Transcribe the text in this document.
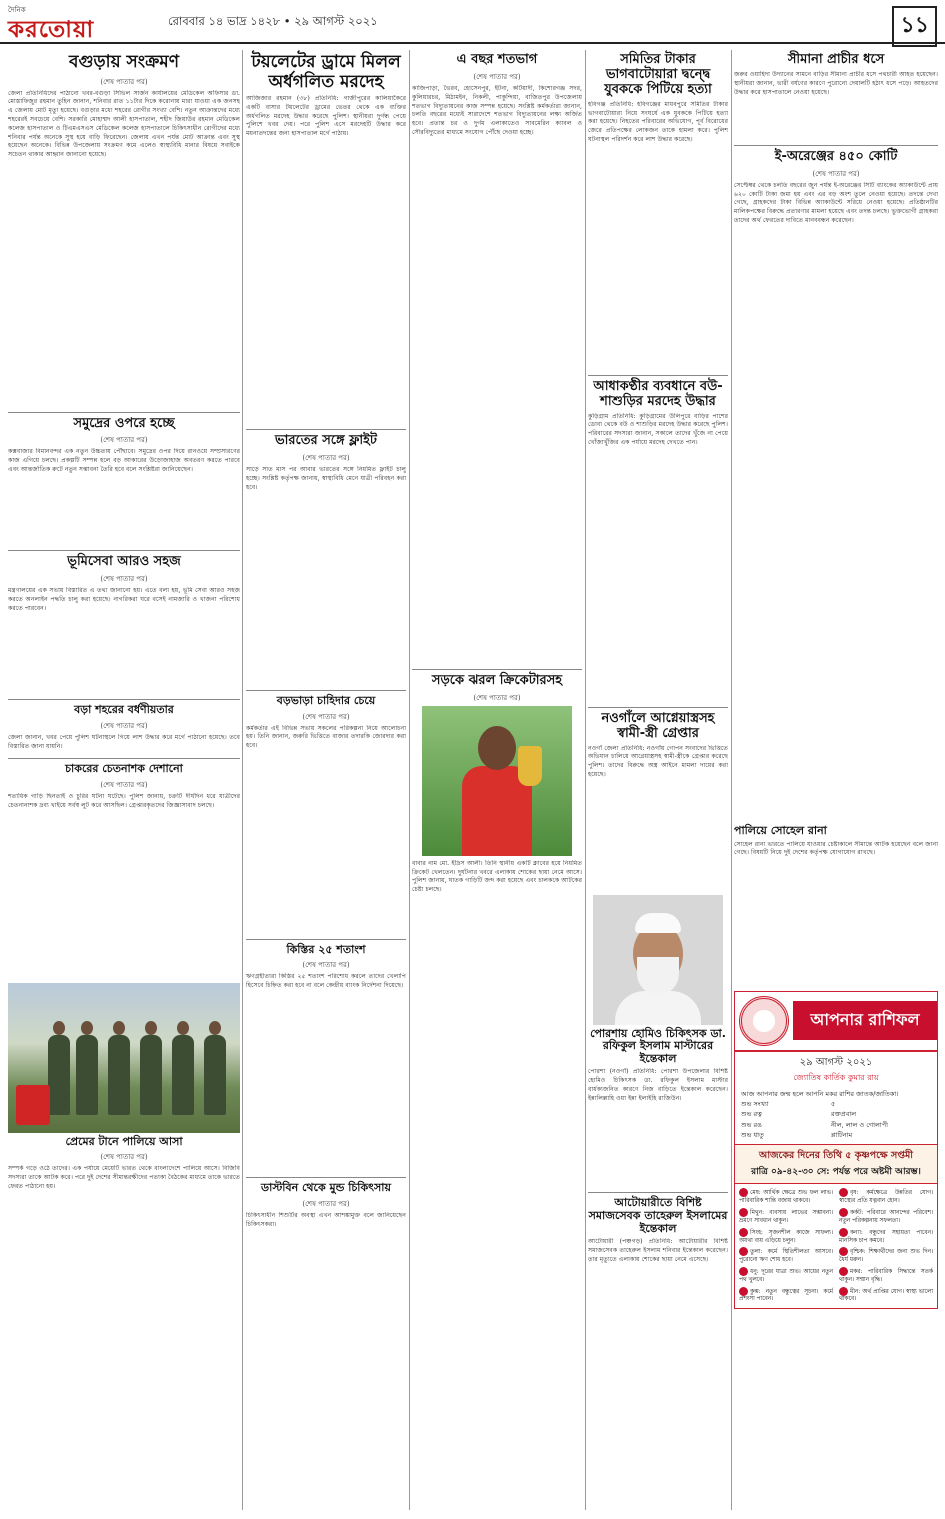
দৈনিক
করতোয়া	রোববার ১৪ ভাদ্র ১৪২৮ • ২৯ আগস্ট ২০২১	১১
বগুড়ায় সংক্রমণ
(শেষ পাতার পর)
জেলা প্রতিনিধিদের পাঠানো খবর-বগুড়া সিভিল সার্জন কার্যালয়ের মেডিকেল অফিসার ডা. মোস্তাফিজুর রহমান তুহিন জানান, শনিবার রাত ১১টার দিকে করোনায় মারা যাওয়া এক জনসহ এ জেলায় মোট মৃত্যু হয়েছে। বগুড়ার মধ্যে শহরের রোগীর সংখ্যা বেশি। নতুন আক্রান্তদের মধ্যে শহরেরই সবচেয়ে বেশি। সরকারি মোহাম্মদ আলী হাসপাতাল, শহীদ জিয়াউর রহমান মেডিকেল কলেজ হাসপাতাল ও টিএমএসএস মেডিকেল কলেজ হাসপাতালে চিকিৎসাধীন রোগীদের মধ্যে শনিবার পর্যন্ত অনেকে সুস্থ হয়ে বাড়ি ফিরেছেন। জেলায় এখন পর্যন্ত মোট আক্রান্ত এবং সুস্থ হয়েছেন অনেকে। বিভিন্ন উপজেলায় সংক্রমণ কমে এলেও স্বাস্থ্যবিধি মানার বিষয়ে সবাইকে সচেতন থাকার আহ্বান জানানো হয়েছে।
সমুদ্রের ওপরে হচ্ছে
(শেষ পাতার পর)
কক্সবাজার বিমানবন্দর এক নতুন উচ্চতায় পৌঁছাবে। সমুদ্রের ওপর দিয়ে রানওয়ে সম্প্রসারণের কাজ এগিয়ে চলছে। প্রকল্পটি সম্পন্ন হলে বড় আকারের উড়োজাহাজ অবতরণ করতে পারবে এবং আন্তর্জাতিক রুটে নতুন সম্ভাবনা তৈরি হবে বলে সংশ্লিষ্টরা জানিয়েছেন।
ভূমিসেবা আরও সহজ
(শেষ পাতার পর)
মন্ত্রণালয়ের এক সভায় বিস্তারিত এ তথ্য জানানো হয়। এতে বলা হয়, ভূমি সেবা আরও সহজ করতে অনলাইন পদ্ধতি চালু করা হয়েছে। নাগরিকরা ঘরে বসেই নামজারি ও খাজনা পরিশোধ করতে পারবেন।
বড়া শহরের বর্ধণীয়তার
(শেষ পাতার পর)
জেলা জানান, খবর পেয়ে পুলিশ ঘটনাস্থলে গিয়ে লাশ উদ্ধার করে মর্গে পাঠানো হয়েছে। তবে বিস্তারিত জানা যায়নি।
চাকরের চেতনাশক দেশানো
(শেষ পাতার পর)
শতাধিক গাড়ি ছিনতাই ও চুরির ঘটনা ঘটেছে। পুলিশ জানায়, চক্রটি দীর্ঘদিন ধরে যাত্রীদের চেতনানাশক দ্রব্য খাইয়ে সর্বস্ব লুট করে আসছিল। গ্রেপ্তারকৃতদের জিজ্ঞাসাবাদ চলছে।
প্রেমের টানে পালিয়ে আসা
(শেষ পাতার পর)
সম্পর্ক গড়ে ওঠে তাদের। এক পর্যায়ে মেয়েটি ভারত থেকে বাংলাদেশে পালিয়ে আসে। বিজিবি সদস্যরা তাকে আটক করে। পরে দুই দেশের সীমান্তরক্ষীদের পতাকা বৈঠকের মাধ্যমে তাকে ভারতে ফেরত পাঠানো হয়।
টয়লেটের ড্রামে মিলল অর্ধগলিত মরদেহ
আজিজার রহমান (৩৮) প্রতিনিধি: গাজীপুরের কালিয়াকৈরে একটি বাসার টয়লেটের ড্রামের ভেতর থেকে এক ব্যক্তির অর্ধগলিত মরদেহ উদ্ধার করেছে পুলিশ। স্থানীয়রা দুর্গন্ধ পেয়ে পুলিশে খবর দেয়। পরে পুলিশ এসে মরদেহটি উদ্ধার করে ময়নাতদন্তের জন্য হাসপাতাল মর্গে পাঠায়।
ভারতের সঙ্গে ফ্লাইট
(শেষ পাতার পর)
সাড়ে সাত মাস পর আবার ভারতের সঙ্গে নিয়মিত ফ্লাইট চালু হচ্ছে। সংশ্লিষ্ট কর্তৃপক্ষ জানায়, স্বাস্থ্যবিধি মেনে যাত্রী পরিবহন করা হবে।
বড়ভাড়া চাহিদার চেয়ে
(শেষ পাতার পর)
কর্মকর্তার এই বিভিন্ন সভায় সকলের পরিকল্পনা নিয়ে আলোচনা হয়। তিনি জানান, জরুরি ভিত্তিতে বাজার তদারকি জোরদার করা হবে।
কিস্তির ২৫ শতাংশ
(শেষ পাতার পর)
ঋণগ্রহীতারা কিস্তির ২৫ শতাংশ পরিশোধ করলে তাদের খেলাপি হিসেবে চিহ্নিত করা হবে না বলে কেন্দ্রীয় ব্যাংক নির্দেশনা দিয়েছে।
ডাস্টবিন থেকে মুন্ড চিকিৎসায়
(শেষ পাতার পর)
চিকিৎসাধীন শিশুটির অবস্থা এখন আশঙ্কামুক্ত বলে জানিয়েছেন চিকিৎসকরা।
এ বছর শতভাগ
(শেষ পাতার পর)
কাজিপাড়া, ভৈরব, হোসেনপুর, ইটনা, কটিয়াদী, কিশোরগঞ্জ সদর, কুলিয়ারচর, মিঠামইন, নিকলী, পাকুন্দিয়া, বাজিতপুর উপজেলায় শতভাগ বিদ্যুতায়নের কাজ সম্পন্ন হয়েছে। সংশ্লিষ্ট কর্মকর্তারা জানান, চলতি বছরের মধ্যেই সারাদেশে শতভাগ বিদ্যুতায়নের লক্ষ্য অর্জিত হবে। প্রত্যন্ত চর ও দুর্গম এলাকাতেও সাবমেরিন ক্যাবল ও সৌরবিদ্যুতের মাধ্যমে সংযোগ পৌঁছে দেওয়া হচ্ছে।
সড়কে ঝরল ক্রিকেটারসহ
(শেষ পাতার পর)
বাবার নাম মো. ইদ্রিস আলী। তিনি স্থানীয় একটি ক্লাবের হয়ে নিয়মিত ক্রিকেট খেলতেন। দুর্ঘটনার খবরে এলাকায় শোকের ছায়া নেমে আসে। পুলিশ জানায়, ঘাতক গাড়িটি জব্দ করা হয়েছে এবং চালককে আটকের চেষ্টা চলছে।
সমিতির টাকার ভাগবাটোয়ারা দ্বন্দ্বে যুবককে পিটিয়ে হত্যা
হবিগঞ্জ প্রতিনিধি: হবিগঞ্জের মাধবপুরে সমিতির টাকার ভাগবাটোয়ারা নিয়ে সংঘর্ষে এক যুবককে পিটিয়ে হত্যা করা হয়েছে। নিহতের পরিবারের অভিযোগ, পূর্ব বিরোধের জেরে প্রতিপক্ষের লোকজন তাকে হামলা করে। পুলিশ ঘটনাস্থল পরিদর্শন করে লাশ উদ্ধার করেছে।
আধাকণ্ঠীর ব্যবধানে বউ-শাশুড়ির মরদেহ উদ্ধার
কুড়িগ্রাম প্রতিনিধি: কুড়িগ্রামের উলিপুরে বাড়ির পাশের ডোবা থেকে বউ ও শাশুড়ির মরদেহ উদ্ধার করেছে পুলিশ। পরিবারের সদস্যরা জানান, সকালে তাদের খুঁজে না পেয়ে খোঁজাখুঁজির এক পর্যায়ে মরদেহ দেখতে পান।
নওগাঁলে আগ্নেয়াস্ত্রসহ স্বামী-স্ত্রী গ্রেপ্তার
নওগাঁ জেলা প্রতিনিধি: নওগাঁয় গোপন সংবাদের ভিত্তিতে অভিযান চালিয়ে আগ্নেয়াস্ত্রসহ স্বামী-স্ত্রীকে গ্রেপ্তার করেছে পুলিশ। তাদের বিরুদ্ধে অস্ত্র আইনে মামলা দায়ের করা হয়েছে।
পোরশায় হোমিও চিকিৎসক ডা. রফিকুল ইসলাম মাস্টারের ইন্তেকাল
পোরশা (নওগাঁ) প্রতিনিধি: পোরশা উপজেলার বিশিষ্ট হোমিও চিকিৎসক ডা. রফিকুল ইসলাম মাস্টার বার্ধক্যজনিত কারণে নিজ বাড়িতে ইন্তেকাল করেছেন। ইন্নালিল্লাহি ওয়া ইন্না ইলাইহি রাজিউন।
আটোয়ারীতে বিশিষ্ট সমাজসেবক তাহেরুল ইসলামের ইন্তেকাল
আটোয়ারী (পঞ্চগড়) প্রতিনিধি: আটোয়ারীর বিশিষ্ট সমাজসেবক তাহেরুল ইসলাম শনিবার ইন্তেকাল করেছেন। তার মৃত্যুতে এলাকায় শোকের ছায়া নেমে এসেছে।
সীমানা প্রাচীর ধসে
জরুর ওয়াহিদা উদ্যানের সামনে বাড়ির সীমানা প্রাচীর ধসে পথচারী আহত হয়েছেন। স্থানীয়রা জানান, ভারী বর্ষণের কারণে পুরোনো দেয়ালটি হঠাৎ ধসে পড়ে। আহতদের উদ্ধার করে হাসপাতালে নেওয়া হয়েছে।
ই-অরেঞ্জের ৪৫০ কোটি
(শেষ পাতার পর)
সেপ্টেম্বর থেকে চলতি বছরের জুন পর্যন্ত ই-অরেঞ্জের সিটি ব্যাংকের অ্যাকাউন্টে প্রায় ৬২০ কোটি টাকা জমা হয় এবং এর বড় অংশ তুলে নেওয়া হয়েছে। তদন্তে দেখা গেছে, গ্রাহকদের টাকা বিভিন্ন অ্যাকাউন্টে সরিয়ে নেওয়া হয়েছে। প্রতিষ্ঠানটির মালিকপক্ষের বিরুদ্ধে প্রতারণার মামলা হয়েছে এবং তদন্ত চলছে। ভুক্তভোগী গ্রাহকরা তাদের অর্থ ফেরতের দাবিতে মানববন্ধন করেছেন।
পালিয়ে সোহেল রানা
সোহেল রানা ভারতে পালিয়ে যাওয়ার চেষ্টাকালে সীমান্তে আটক হয়েছেন বলে জানা গেছে। বিষয়টি নিয়ে দুই দেশের কর্তৃপক্ষ যোগাযোগ রাখছে।
আপনার রাশিফল
২৯ আগস্ট ২০২১
জ্যোতিষ কার্তিক কুমার রায়
আজ আপনার জন্ম হলে আপনি মকর রাশির জাতক/জাতিকা।
শুভ সংখ্যা	৫
শুভ রত্ন	রক্তপ্রবাল
শুভ রঙ	নীল, লাল ও গোলাপী
শুভ ধাতু	প্লাটিনাম
আজকের দিনের তিথি ৫ কৃষ্ণপক্ষে সপ্তমী
রাত্রি ০৯-৪২-৩০ সে: পর্যন্ত পরে অষ্টমী আরম্ভ।
মেষ: আর্থিক ক্ষেত্রে শুভ ফল লাভ। পারিবারিক শান্তি বজায় থাকবে।
বৃষ: কর্মক্ষেত্রে উন্নতির যোগ। স্বাস্থ্যের প্রতি যত্নবান হোন।
মিথুন: ব্যবসায় লাভের সম্ভাবনা। ভ্রমণে সাবধান থাকুন।
কর্কট: পরিবারে আনন্দের পরিবেশ। নতুন পরিকল্পনায় সফলতা।
সিংহ: সৃজনশীল কাজে সাফল্য। অযথা ব্যয় এড়িয়ে চলুন।
কন্যা: বন্ধুদের সহায়তা পাবেন। মানসিক চাপ কমবে।
তুলা: কর্মে স্থিতিশীলতা আসবে। পুরোনো ঋণ শোধ হবে।
বৃশ্চিক: শিক্ষার্থীদের জন্য শুভ দিন। ধৈর্য ধরুন।
ধনু: দূরের যাত্রা শুভ। আয়ের নতুন পথ খুলবে।
মকর: পারিবারিক সিদ্ধান্তে সতর্ক থাকুন। সম্মান বৃদ্ধি।
কুম্ভ: নতুন বন্ধুত্বের সূচনা। কর্মে প্রশংসা পাবেন।
মীন: অর্থ প্রাপ্তির যোগ। স্বাস্থ্য ভালো থাকবে।
